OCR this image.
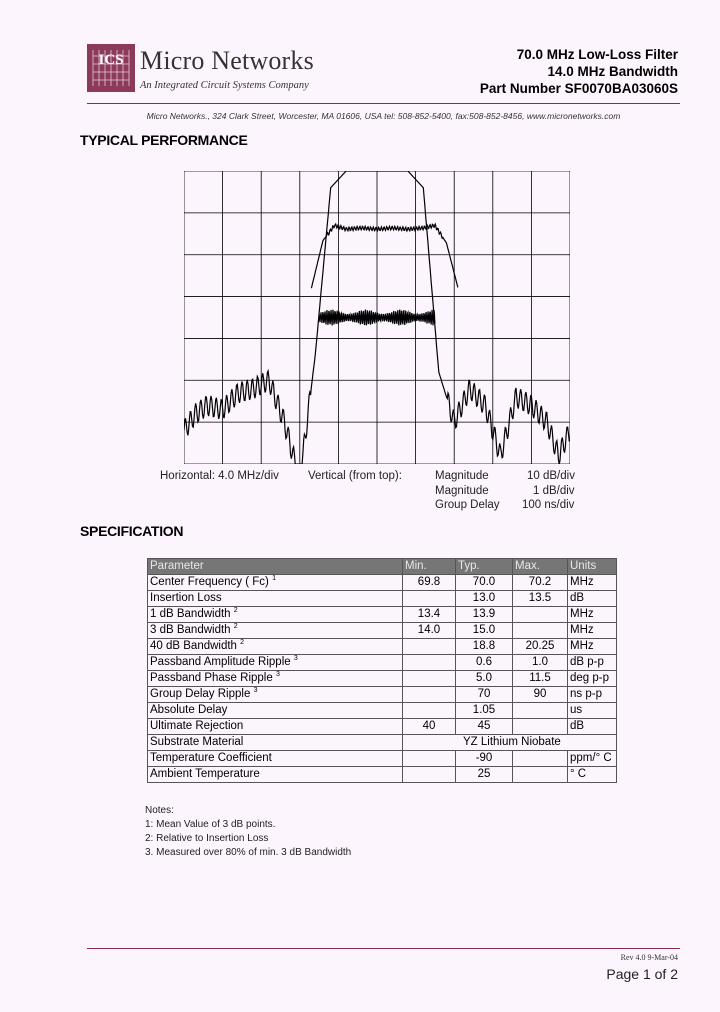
ICS Micro Networks
An Integrated Circuit Systems Company
70.0 MHz Low-Loss Filter
14.0 MHz Bandwidth
Part Number SF0070BA03060S
Micro Networks., 324 Clark Street, Worcester, MA 01606, USA tel: 508-852-5400, fax:508-852-8456, www.micronetworks.com
TYPICAL PERFORMANCE
Horizontal: 4.0 MHz/div	Vertical (from top):	Magnitude	10 dB/div
Magnitude	1 dB/div
Group Delay 100 ns/div
SPECIFICATION
Parameter	Min.	Typ.	Max.	Units
Center Frequency ( Fc) $^1$	69.8	70.0	70.2	MHz
Insertion Loss		13.0	13.5	dB
1 dB Bandwidth $^2$	13.4	13.9		MHz
3 dB Bandwidth $^2$	14.0	15.0		MHz
40 dB Bandwidth $^2$		18.8	20.25	MHz
Passband Amplitude Ripple $^3$		0.6	1.0	dB p-p
Passband Phase Ripple $^3$		5.0	11.5	deg p-p
Group Delay Ripple $^3$		70	90	ns p-p
Absolute Delay		1.05		us
Ultimate Rejection	40	45		dB
Substrate Material	YZ Lithium Niobate			
Temperature Coefficient		-90		ppm/° C
Ambient Temperature		25		° C
Notes:
1: Mean Value of 3 dB points.
2: Relative to Insertion Loss
3. Measured over 80% of min. 3 dB Bandwidth
Rev 4.0 9-Mar-04
Page 1 of 2
